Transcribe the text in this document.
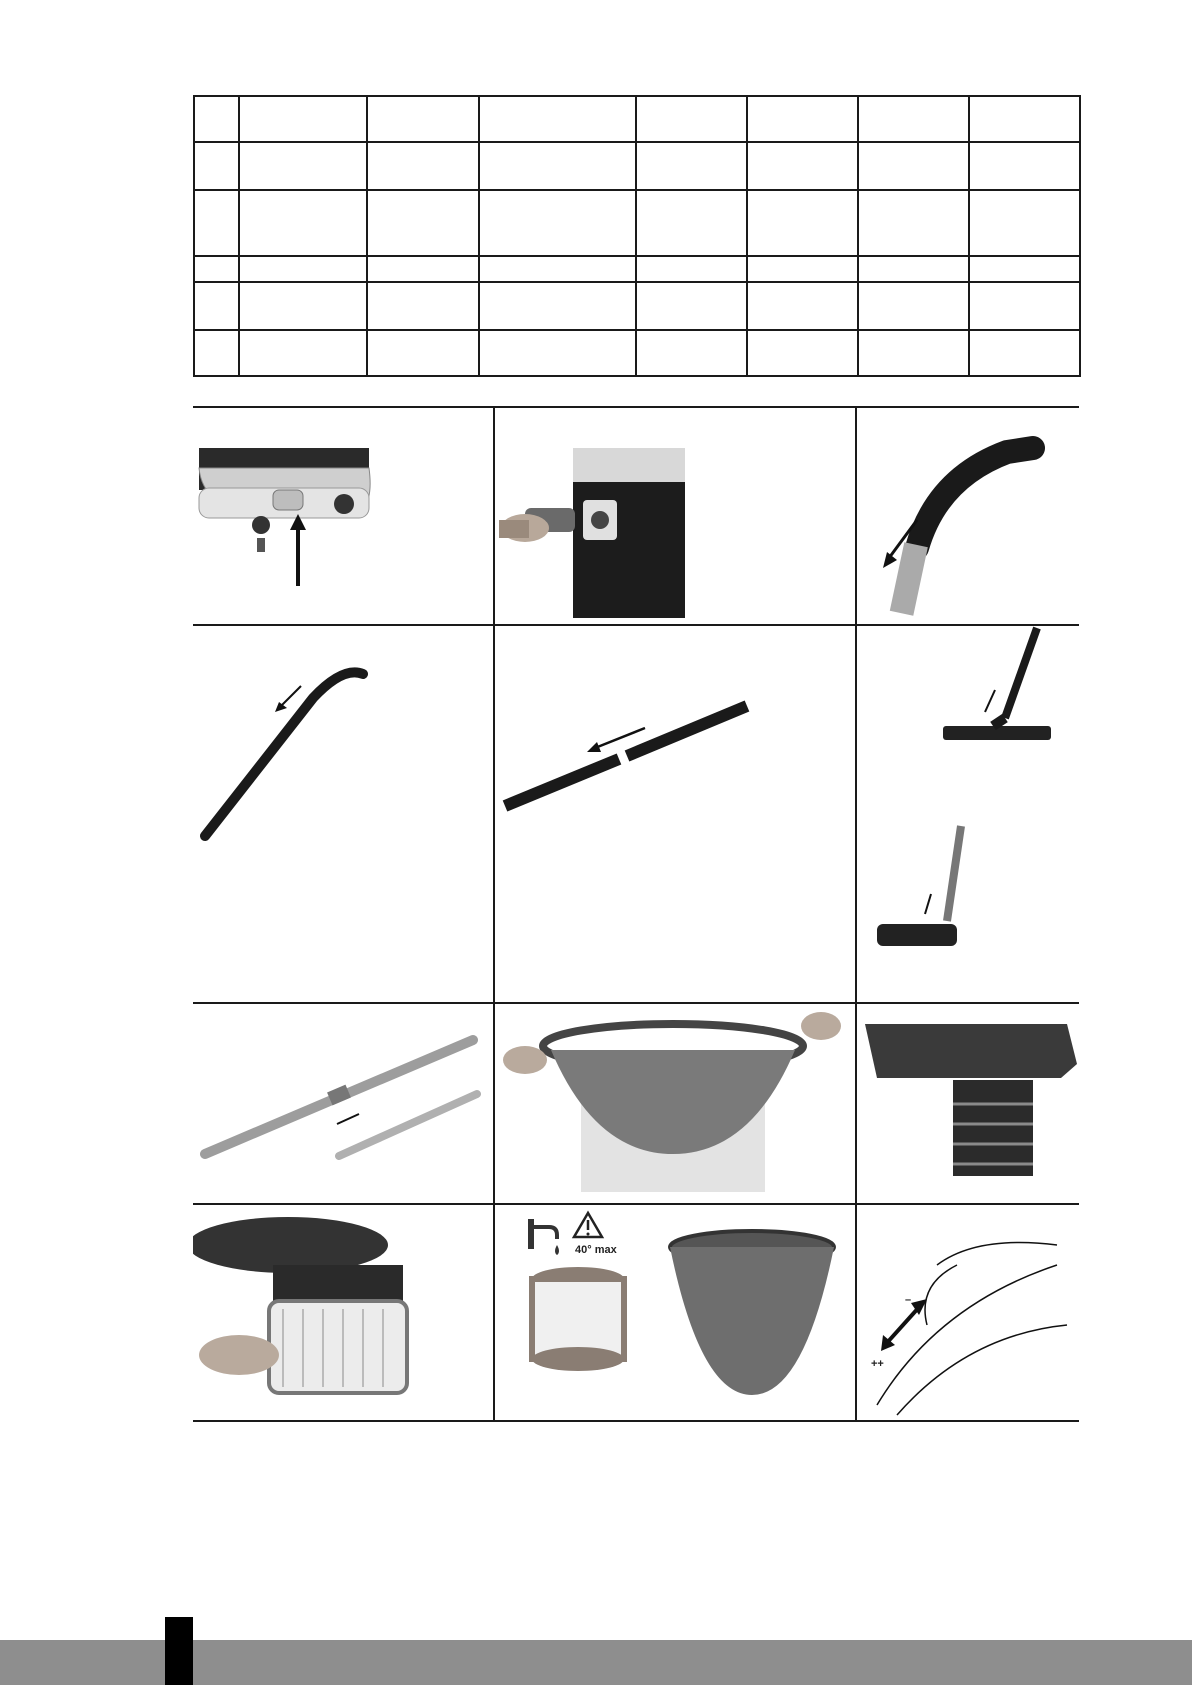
40° max
–
++
